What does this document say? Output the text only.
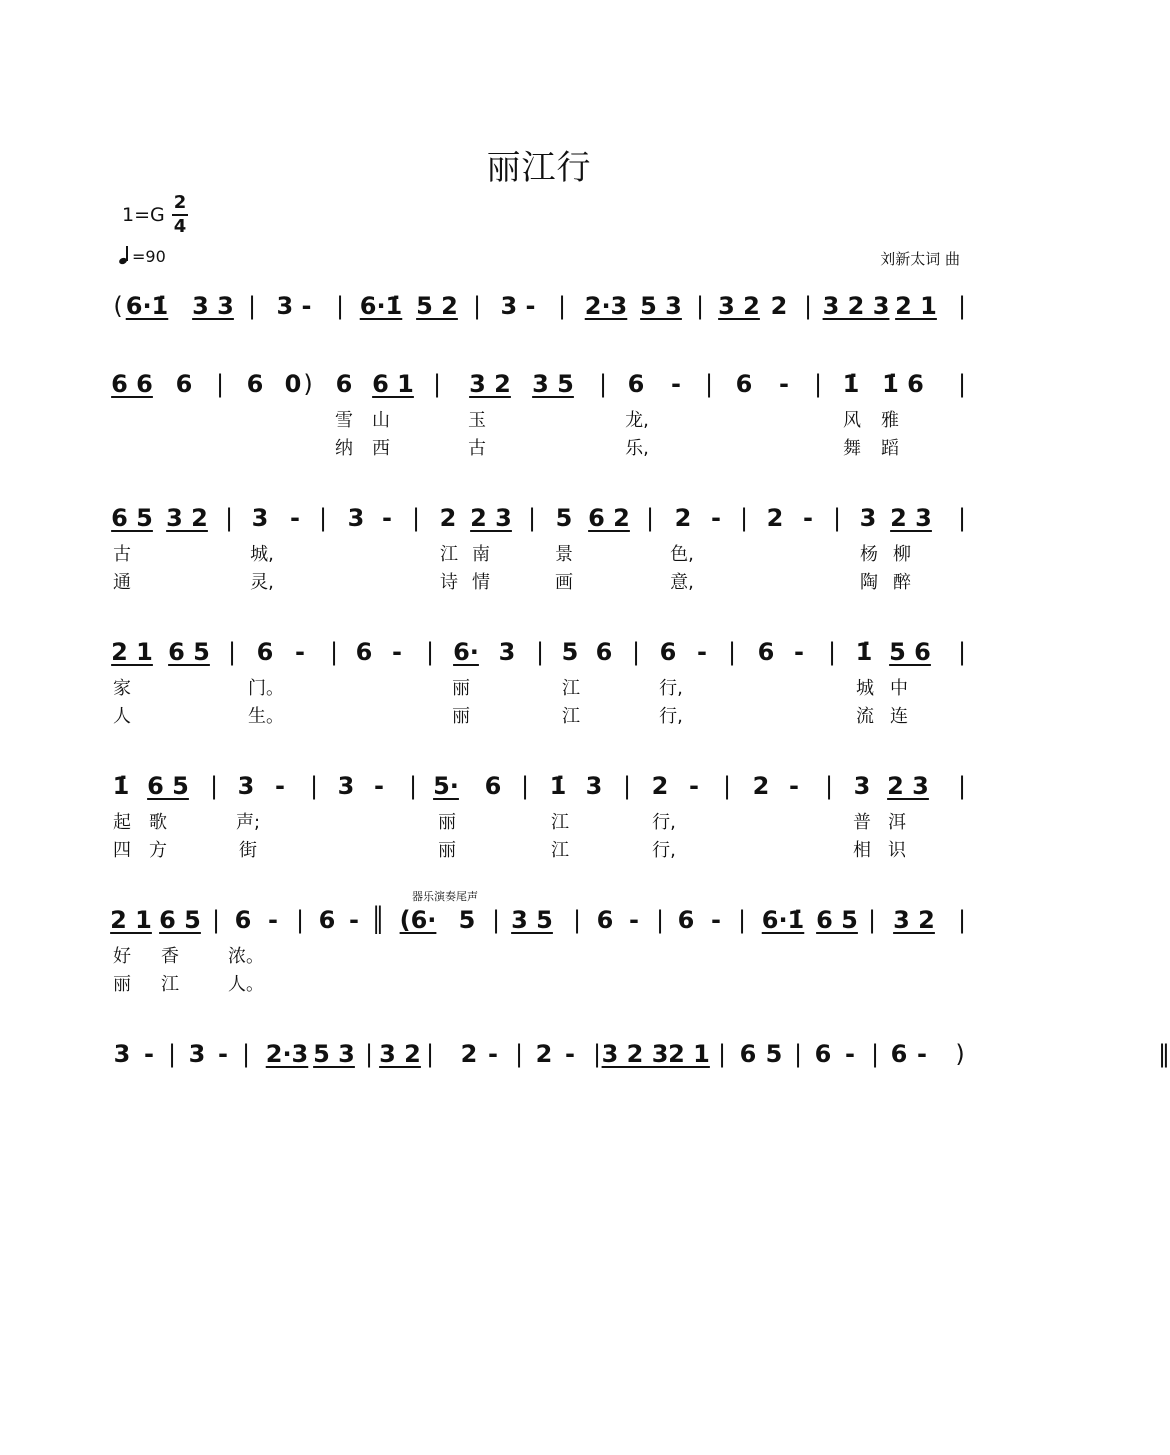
丽江行
1=G
2
4
=90	刘新太词 曲
器乐演奏尾声
( 6·1̇ 3 3 | 3 - | 6·1̇ 5 2 | 3 - | 2·3 5 3 | 3 2 2 | 3 2 3 2 1 |
6 6 6 | 6 0 ) 6 6 1 | 3 2 3 5 | 6 - | 6 - | 1̇ 1̇ 6 |
雪 山	玉	龙,	风 雅
纳 西	古	乐,	舞 蹈
6 5 3 2 | 3 - | 3 - | 2 2 3 | 5 6 2 | 2 - | 2 - | 3 2 3 |
古	城,	江 南	景	色,	杨 柳
通	灵,	诗 情	画	意,	陶 醉
2 1 6 5 | 6 - | 6 - | 6· 3 | 5 6 | 6 - | 6 - | 1̇ 5 6 |
家	门。	丽	江	行,	城 中
人	生。	丽	江	行,	流 连
1̇ 6 5 | 3 - | 3 - | 5· 6 | 1̇ 3 | 2 - | 2 - | 3 2 3 |
起 歌	声;	丽	江	行,	普 洱
四 方	街	丽	江	行,	相 识
2 1 6 5 | 6 - | 6 - ║ (6· 5 | 3 5 | 6 - | 6 - | 6·1̇ 6 5 | 3 2 |
好 香	浓。
丽 江	人。
3 - | 3 - | 2·3 5 3 | 3 2 | 2 - | 2 - | 3 2 3 2 1 | 6 5 | 6 - | 6 - )	‖
